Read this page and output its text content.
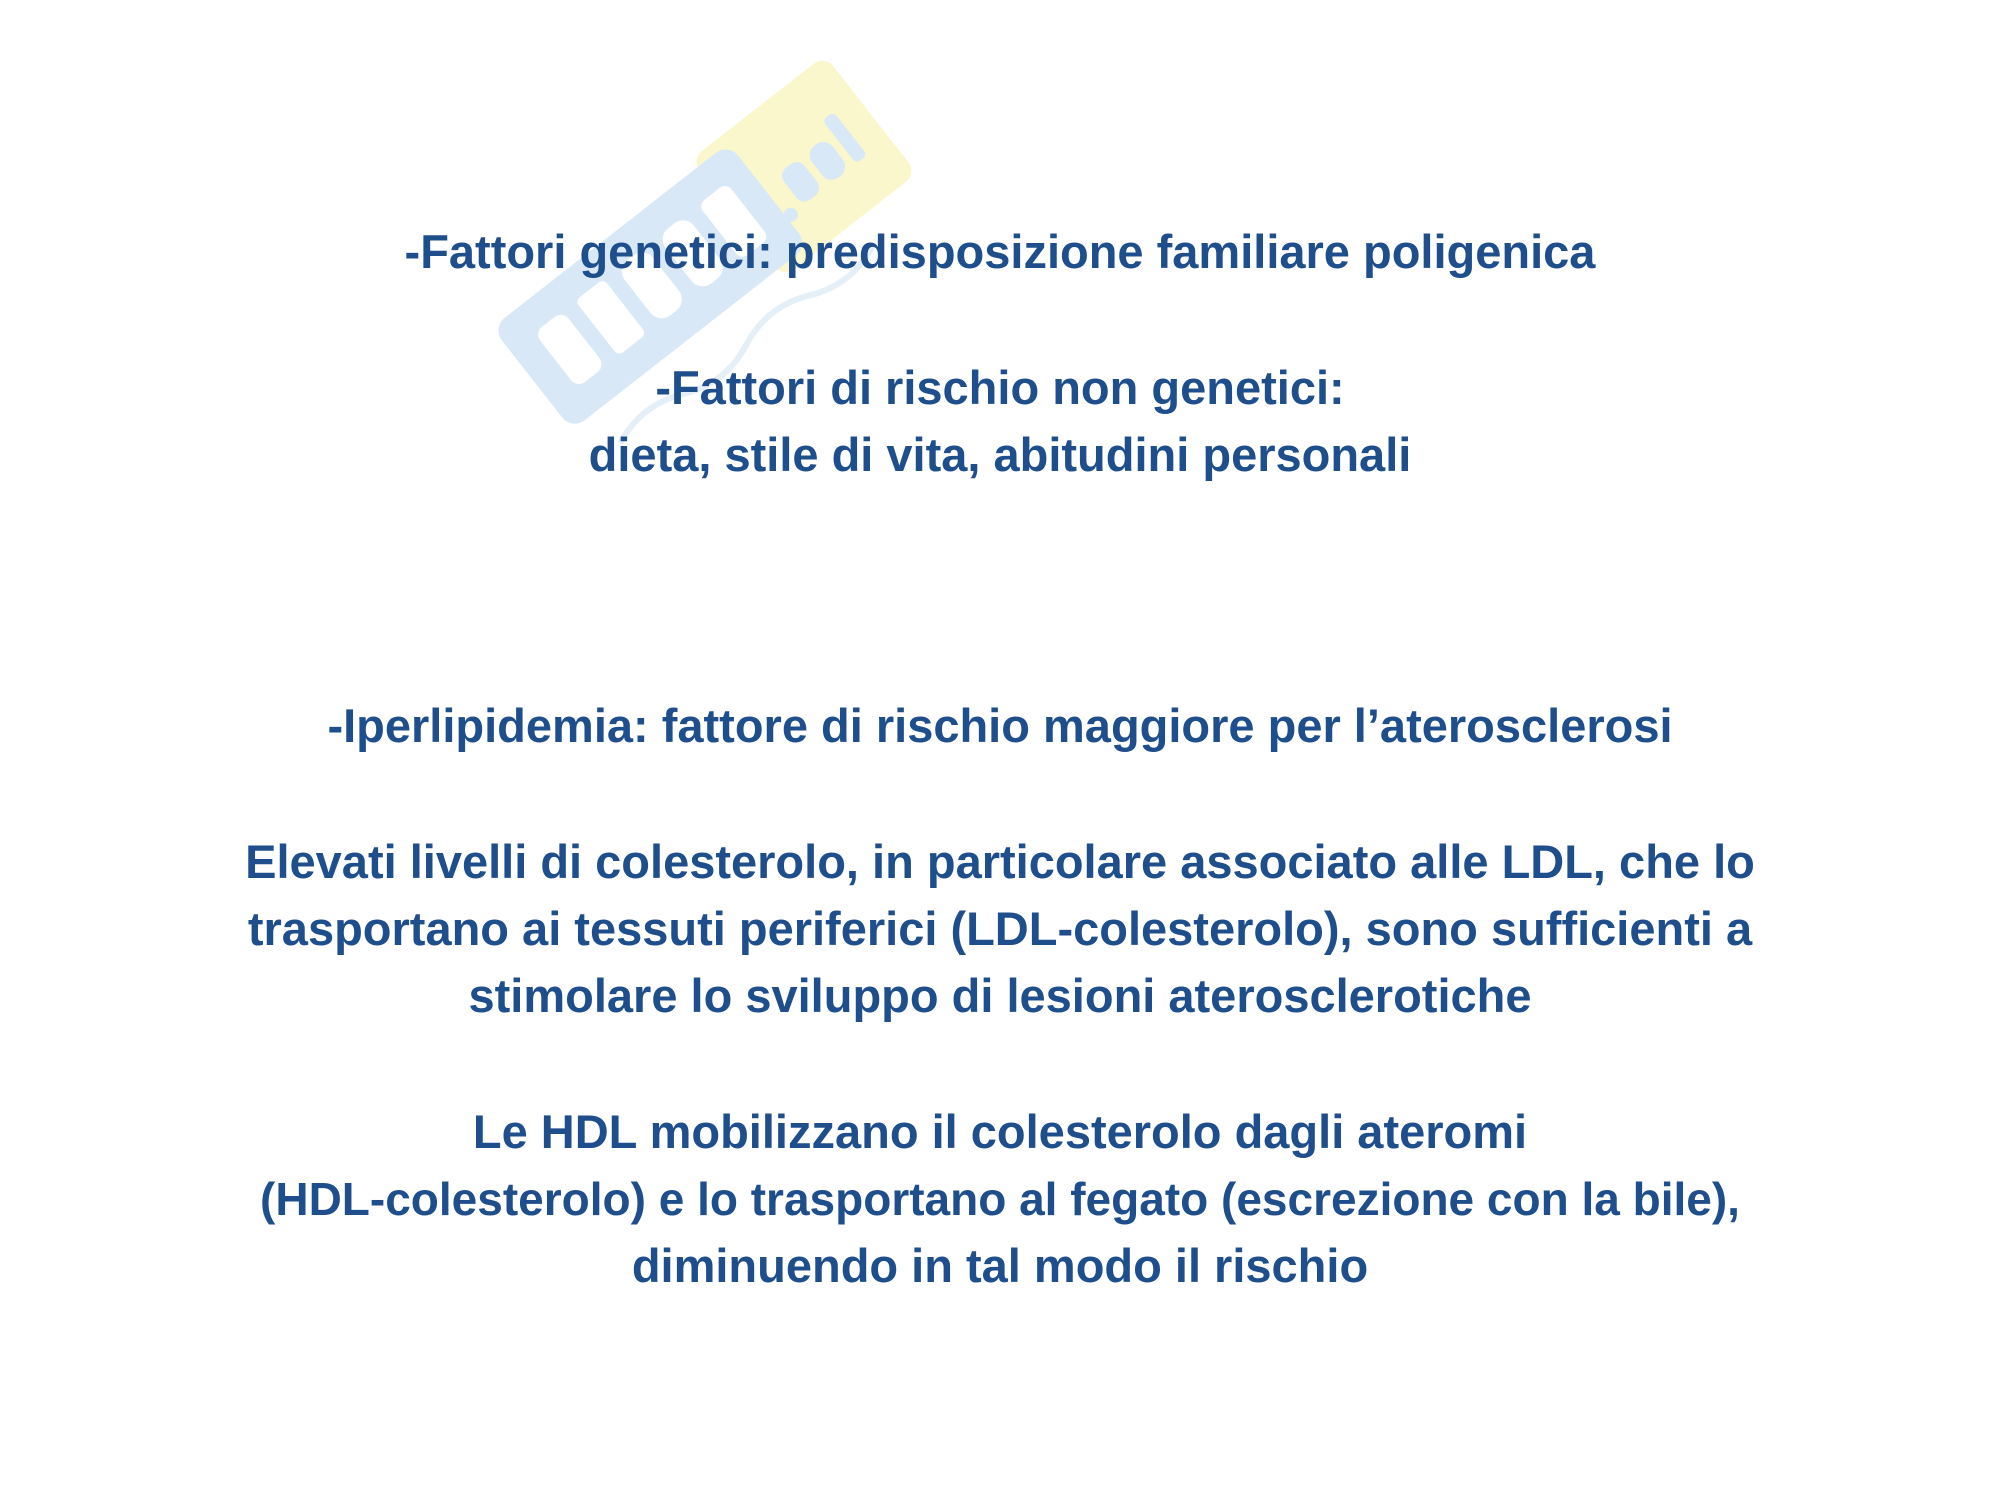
-Fattori genetici: predisposizione familiare poligenica
-Fattori di rischio non genetici:
dieta, stile di vita, abitudini personali
-Iperlipidemia: fattore di rischio maggiore per l’aterosclerosi
Elevati livelli di colesterolo, in particolare associato alle LDL, che lo
trasportano ai tessuti periferici (LDL-colesterolo), sono sufficienti a
stimolare lo sviluppo di lesioni aterosclerotiche
Le HDL mobilizzano il colesterolo dagli ateromi
(HDL-colesterolo) e lo trasportano al fegato (escrezione con la bile),
diminuendo in tal modo il rischio
